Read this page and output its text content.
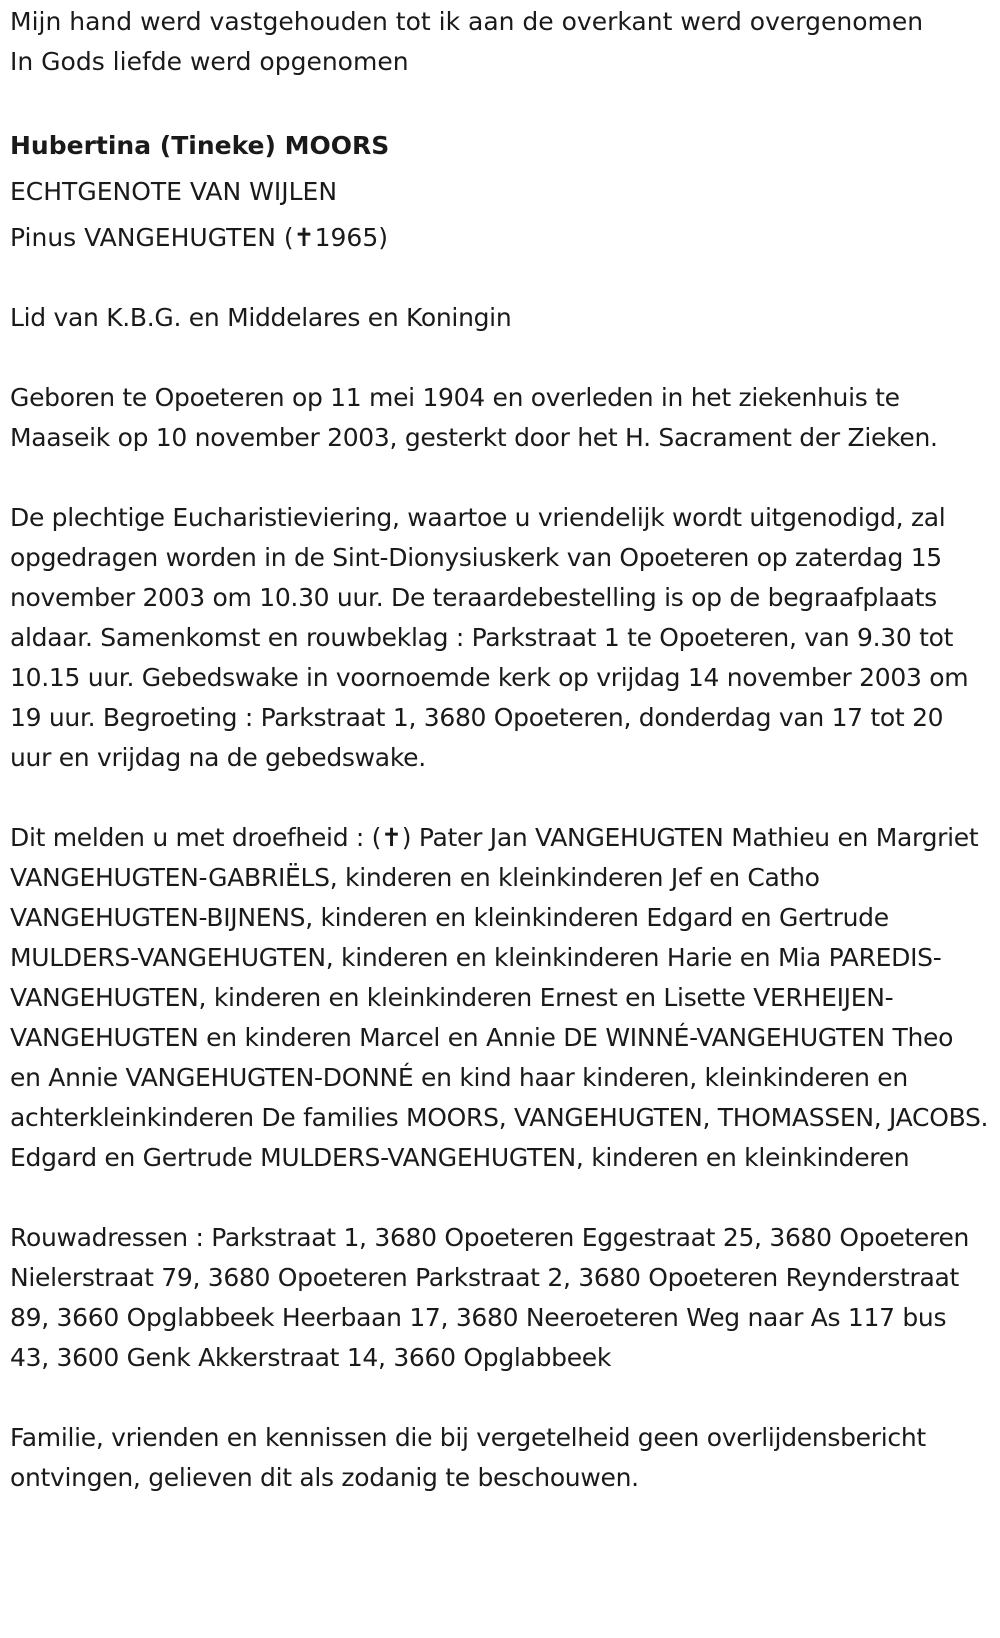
Mijn hand werd vastgehouden tot ik aan de overkant werd overgenomen

In Gods liefde werd opgenomen

Hubertina (Tineke) MOORS

ECHTGENOTE VAN WIJLEN

Pinus VANGEHUGTEN (✝1965)

Lid van K.B.G. en Middelares en Koningin

Geboren te Opoeteren op 11 mei 1904 en overleden in het ziekenhuis te Maaseik op 10 november 2003, gesterkt door het H. Sacrament der Zieken.

De plechtige Eucharistieviering, waartoe u vriendelijk wordt uitgenodigd, zal opgedragen worden in de Sint-Dionysiuskerk van Opoeteren op zaterdag 15 november 2003 om 10.30 uur. De teraardebestelling is op de begraafplaats aldaar. Samenkomst en rouwbeklag : Parkstraat 1 te Opoeteren, van 9.30 tot 10.15 uur. Gebedswake in voornoemde kerk op vrijdag 14 november 2003 om 19 uur. Begroeting : Parkstraat 1, 3680 Opoeteren, donderdag van 17 tot 20 uur en vrijdag na de gebedswake.

Dit melden u met droefheid : (✝) Pater Jan VANGEHUGTEN Mathieu en Margriet VANGEHUGTEN-GABRIËLS, kinderen en kleinkinderen Jef en Catho VANGEHUGTEN-BIJNENS, kinderen en kleinkinderen Edgard en Gertrude MULDERS-VANGEHUGTEN, kinderen en kleinkinderen Harie en Mia PAREDIS-VANGEHUGTEN, kinderen en kleinkinderen Ernest en Lisette VERHEIJEN-VANGEHUGTEN en kinderen Marcel en Annie DE WINNÉ-VANGEHUGTEN Theo en Annie VANGEHUGTEN-DONNÉ en kind haar kinderen, kleinkinderen en achterkleinkinderen De families MOORS, VANGEHUGTEN, THOMASSEN, JACOBS. Edgard en Gertrude MULDERS-VANGEHUGTEN, kinderen en kleinkinderen

Rouwadressen : Parkstraat 1, 3680 Opoeteren Eggestraat 25, 3680 Opoeteren Nielerstraat 79, 3680 Opoeteren Parkstraat 2, 3680 Opoeteren Reynderstraat 89, 3660 Opglabbeek Heerbaan 17, 3680 Neeroeteren Weg naar As 117 bus 43, 3600 Genk Akkerstraat 14, 3660 Opglabbeek

Familie, vrienden en kennissen die bij vergetelheid geen overlijdensbericht ontvingen, gelieven dit als zodanig te beschouwen.
